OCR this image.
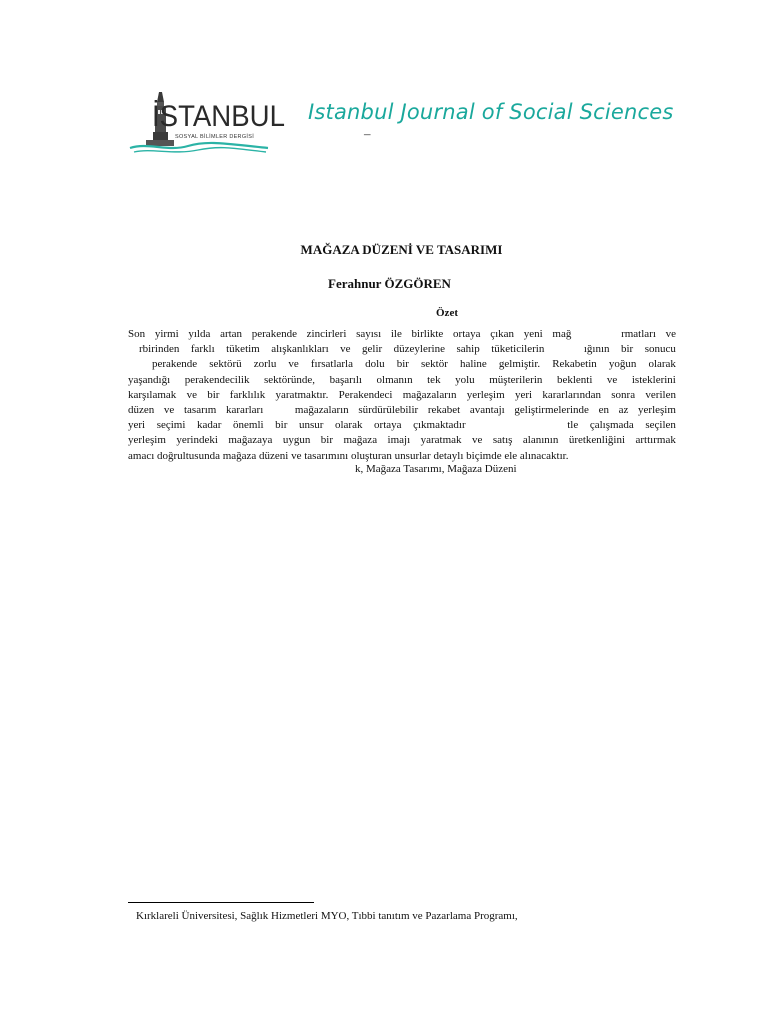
İSTANBUL
SOSYAL BİLİMLER DERGİSİ
Istanbul Journal of Social Sciences
–
MAĞAZA DÜZENİ VE TASARIMI
Ferahnur ÖZGÖREN
Özet
Son yirmi yılda artan perakende zincirleri sayısı ile birlikte ortaya çıkan yeni mağ	rmatları ve
rbirinden farklı tüketim alışkanlıkları ve gelir düzeylerine sahip tüketicilerin	ığının bir sonucu
perakende sektörü zorlu ve fırsatlarla dolu bir sektör haline gelmiştir. Rekabetin yoğun olarak
yaşandığı perakendecilik sektöründe, başarılı olmanın tek yolu müşterilerin beklenti ve isteklerini
karşılamak ve bir farklılık yaratmaktır. Perakendeci mağazaların yerleşim yeri kararlarından sonra verilen
düzen ve tasarım kararları	mağazaların sürdürülebilir rekabet avantajı geliştirmelerinde en az yerleşim
yeri seçimi kadar önemli bir unsur olarak ortaya çıkmaktadır	tle çalışmada seçilen
yerleşim yerindeki mağazaya uygun bir mağaza imajı yaratmak ve satış alanının üretkenliğini arttırmak
amacı doğrultusunda mağaza düzeni ve tasarımını oluşturan unsurlar detaylı biçimde ele alınacaktır.
k, Mağaza Tasarımı, Mağaza Düzeni
Kırklareli Üniversitesi, Sağlık Hizmetleri MYO, Tıbbi tanıtım ve Pazarlama Programı,
